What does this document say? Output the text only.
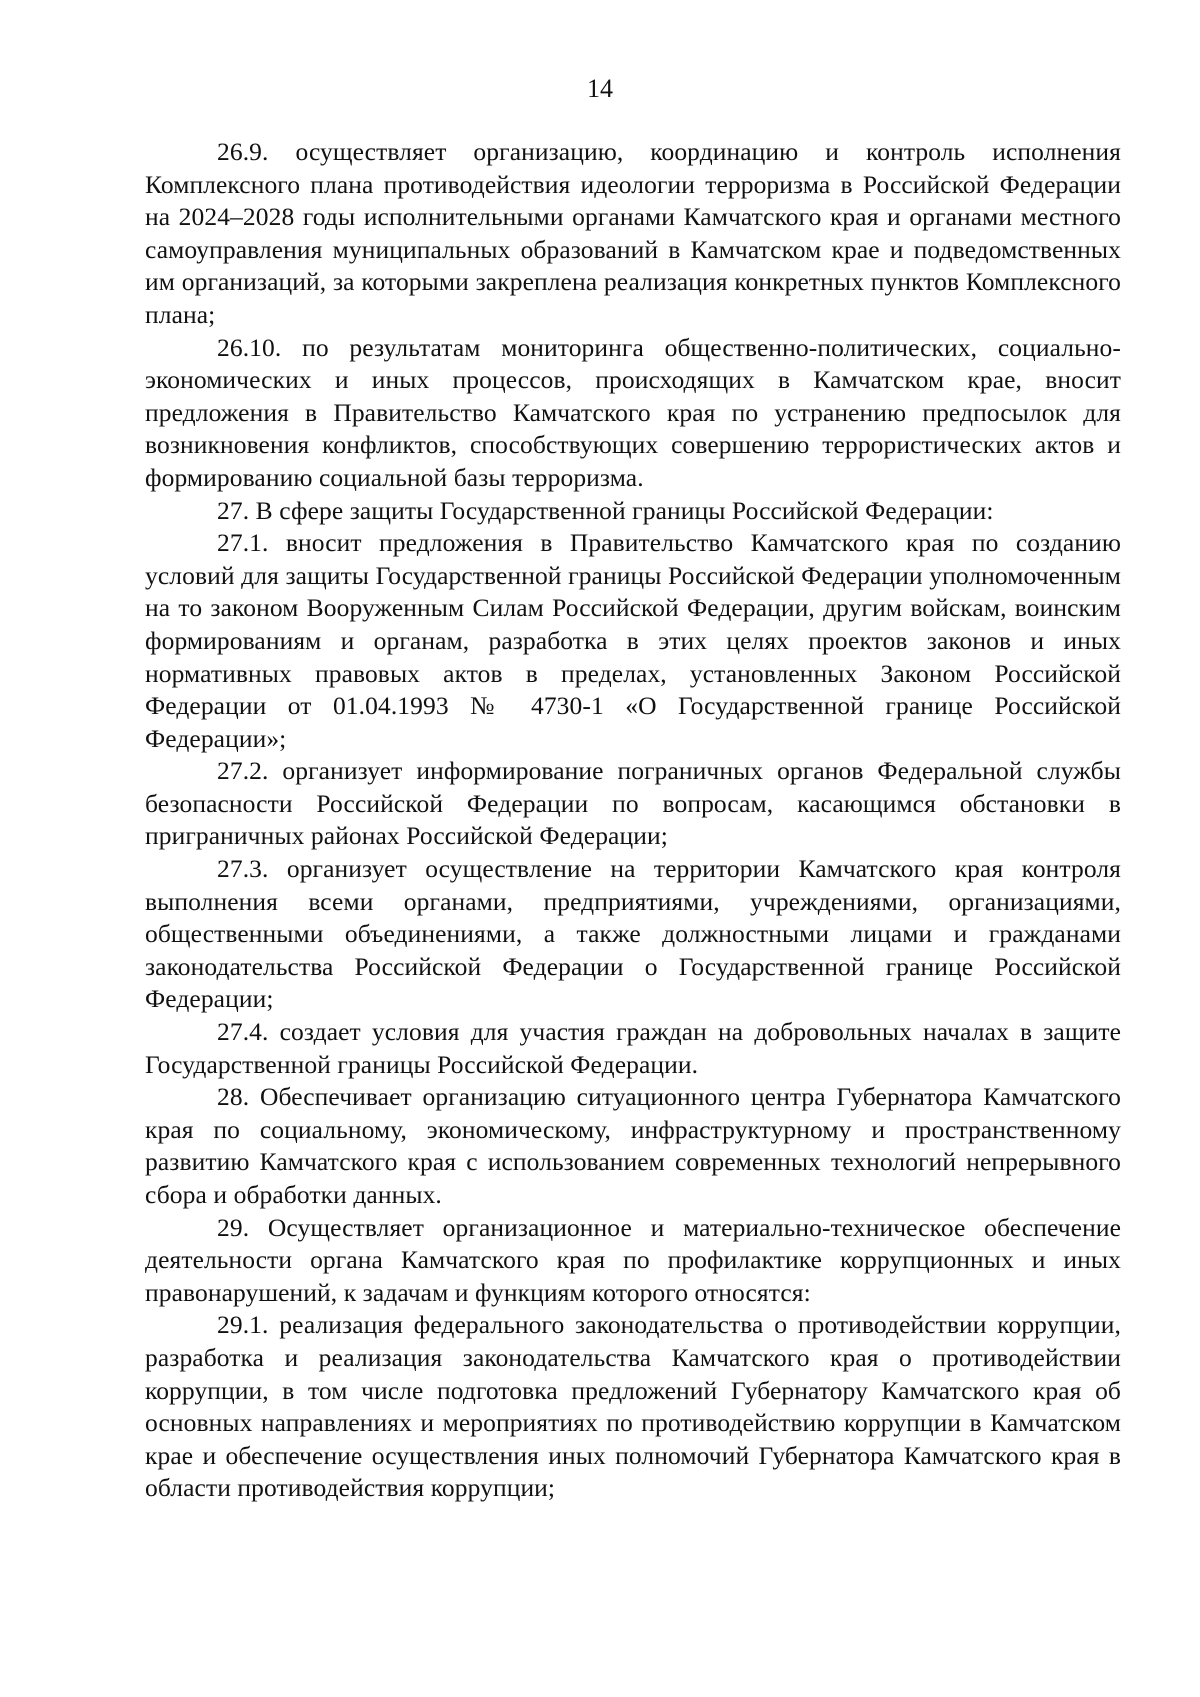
14

26.9. осуществляет организацию, координацию и контроль исполнения Комплексного плана противодействия идеологии терроризма в Российской Федерации на 2024–2028 годы исполнительными органами Камчатского края и органами местного самоуправления муниципальных образований в Камчатском крае и подведомственных им организаций, за которыми закреплена реализация конкретных пунктов Комплексного плана;

26.10. по результатам мониторинга общественно-политических, социально-экономических и иных процессов, происходящих в Камчатском крае, вносит предложения в Правительство Камчатского края по устранению предпосылок для возникновения конфликтов, способствующих совершению террористических актов и формированию социальной базы терроризма.

27. В сфере защиты Государственной границы Российской Федерации:

27.1. вносит предложения в Правительство Камчатского края по созданию условий для защиты Государственной границы Российской Федерации уполномоченным на то законом Вооруженным Силам Российской Федерации, другим войскам, воинским формированиям и органам, разработка в этих целях проектов законов и иных нормативных правовых актов в пределах, установленных Законом Российской Федерации от 01.04.1993 № 4730-1 «О Государственной границе Российской Федерации»;

27.2. организует информирование пограничных органов Федеральной службы безопасности Российской Федерации по вопросам, касающимся обстановки в приграничных районах Российской Федерации;

27.3. организует осуществление на территории Камчатского края контроля выполнения всеми органами, предприятиями, учреждениями, организациями, общественными объединениями, а также должностными лицами и гражданами законодательства Российской Федерации о Государственной границе Российской Федерации;

27.4. создает условия для участия граждан на добровольных началах в защите Государственной границы Российской Федерации.

28. Обеспечивает организацию ситуационного центра Губернатора Камчатского края по социальному, экономическому, инфраструктурному и пространственному развитию Камчатского края с использованием современных технологий непрерывного сбора и обработки данных.

29. Осуществляет организационное и материально-техническое обеспечение деятельности органа Камчатского края по профилактике коррупционных и иных правонарушений, к задачам и функциям которого относятся:

29.1. реализация федерального законодательства о противодействии коррупции, разработка и реализация законодательства Камчатского края о противодействии коррупции, в том числе подготовка предложений Губернатору Камчатского края об основных направлениях и мероприятиях по противодействию коррупции в Камчатском крае и обеспечение осуществления иных полномочий Губернатора Камчатского края в области противодействия коррупции;
